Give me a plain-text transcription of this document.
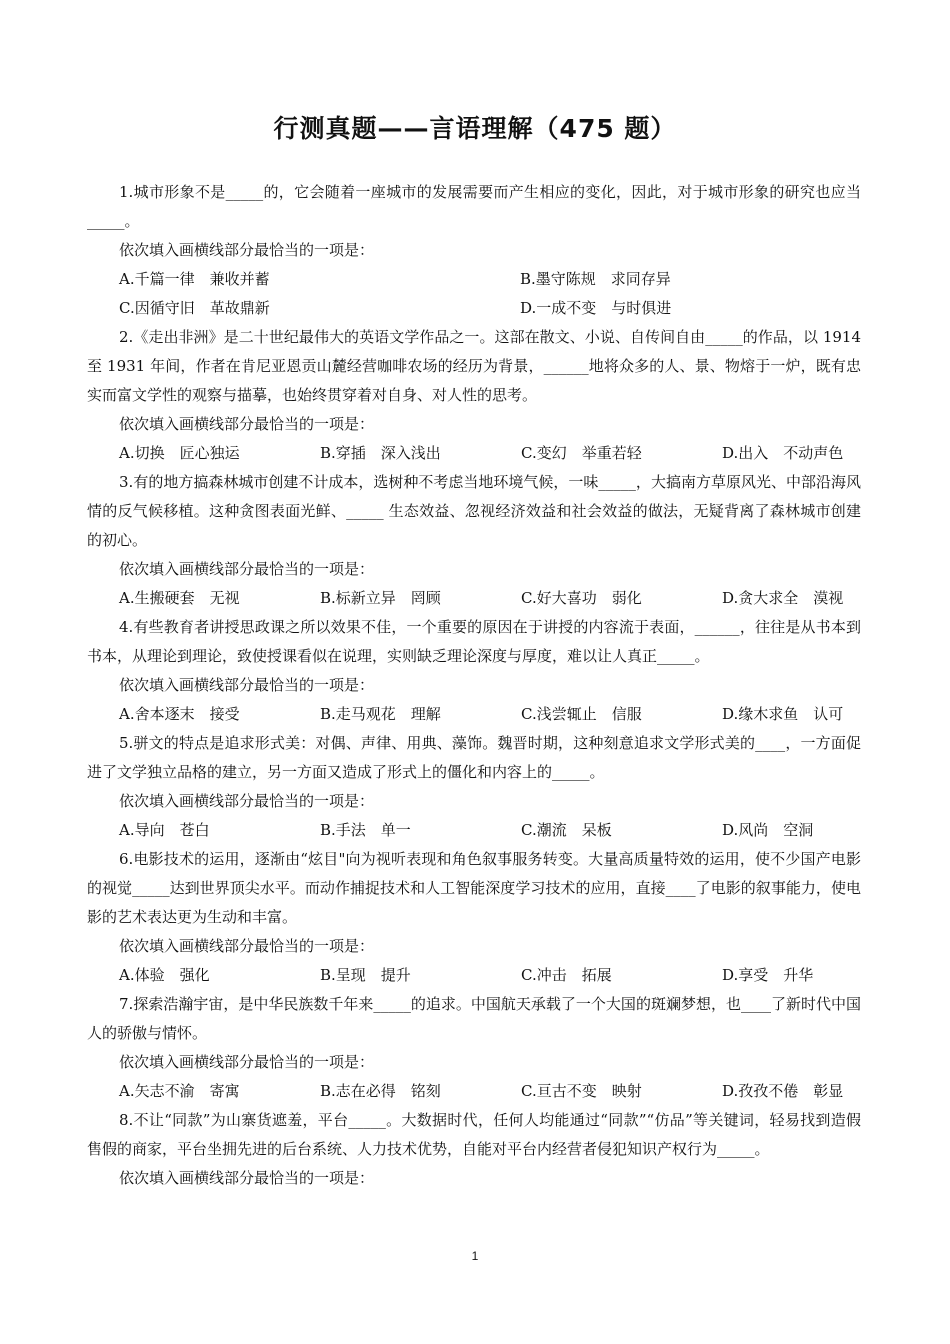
行测真题——言语理解（475 题）

1.城市形象不是_____的，它会随着一座城市的发展需要而产生相应的变化，因此，对于城市形象的研究也应当_____。

依次填入画横线部分最恰当的一项是：

A.千篇一律　兼收并蓄	B.墨守陈规　求同存异
C.因循守旧　革故鼎新	D.一成不变　与时俱进

2.《走出非洲》是二十世纪最伟大的英语文学作品之一。这部在散文、小说、自传间自由_____的作品，以 1914 至 1931 年间，作者在肯尼亚恩贡山麓经营咖啡农场的经历为背景，______地将众多的人、景、物熔于一炉，既有忠实而富文学性的观察与描摹，也始终贯穿着对自身、对人性的思考。

依次填入画横线部分最恰当的一项是：

A.切换　匠心独运	B.穿插　深入浅出	C.变幻　举重若轻	D.出入　不动声色

3.有的地方搞森林城市创建不计成本，选树种不考虑当地环境气候，一味_____，大搞南方草原风光、中部沿海风情的反气候移植。这种贪图表面光鲜、_____ 生态效益、忽视经济效益和社会效益的做法，无疑背离了森林城市创建的初心。

依次填入画横线部分最恰当的一项是：

A.生搬硬套　无视	B.标新立异　罔顾	C.好大喜功　弱化	D.贪大求全　漠视

4.有些教育者讲授思政课之所以效果不佳，一个重要的原因在于讲授的内容流于表面，______，往往是从书本到书本，从理论到理论，致使授课看似在说理，实则缺乏理论深度与厚度，难以让人真正_____。

依次填入画横线部分最恰当的一项是：

A.舍本逐末　接受	B.走马观花　理解	C.浅尝辄止　信服	D.缘木求鱼　认可

5.骈文的特点是追求形式美：对偶、声律、用典、藻饰。魏晋时期，这种刻意追求文学形式美的____，一方面促进了文学独立品格的建立，另一方面又造成了形式上的僵化和内容上的_____。

依次填入画横线部分最恰当的一项是：

A.导向　苍白	B.手法　单一	C.潮流　呆板	D.风尚　空洞

6.电影技术的运用，逐渐由“炫目"向为视听表现和角色叙事服务转变。大量高质量特效的运用，使不少国产电影的视觉_____达到世界顶尖水平。而动作捕捉技术和人工智能深度学习技术的应用，直接____了电影的叙事能力，使电影的艺术表达更为生动和丰富。

依次填入画横线部分最恰当的一项是：

A.体验　强化	B.呈现　提升	C.冲击　拓展	D.享受　升华

7.探索浩瀚宇宙，是中华民族数千年来_____的追求。中国航天承载了一个大国的斑斓梦想，也____了新时代中国人的骄傲与情怀。

依次填入画横线部分最恰当的一项是：

A.矢志不渝　寄寓	B.志在必得　铭刻	C.亘古不变　映射	D.孜孜不倦　彰显

8.不让“同款”为山寨货遮羞，平台_____。大数据时代，任何人均能通过“同款”“仿品”等关键词，轻易找到造假售假的商家，平台坐拥先进的后台系统、人力技术优势，自能对平台内经营者侵犯知识产权行为_____。

依次填入画横线部分最恰当的一项是：

1
